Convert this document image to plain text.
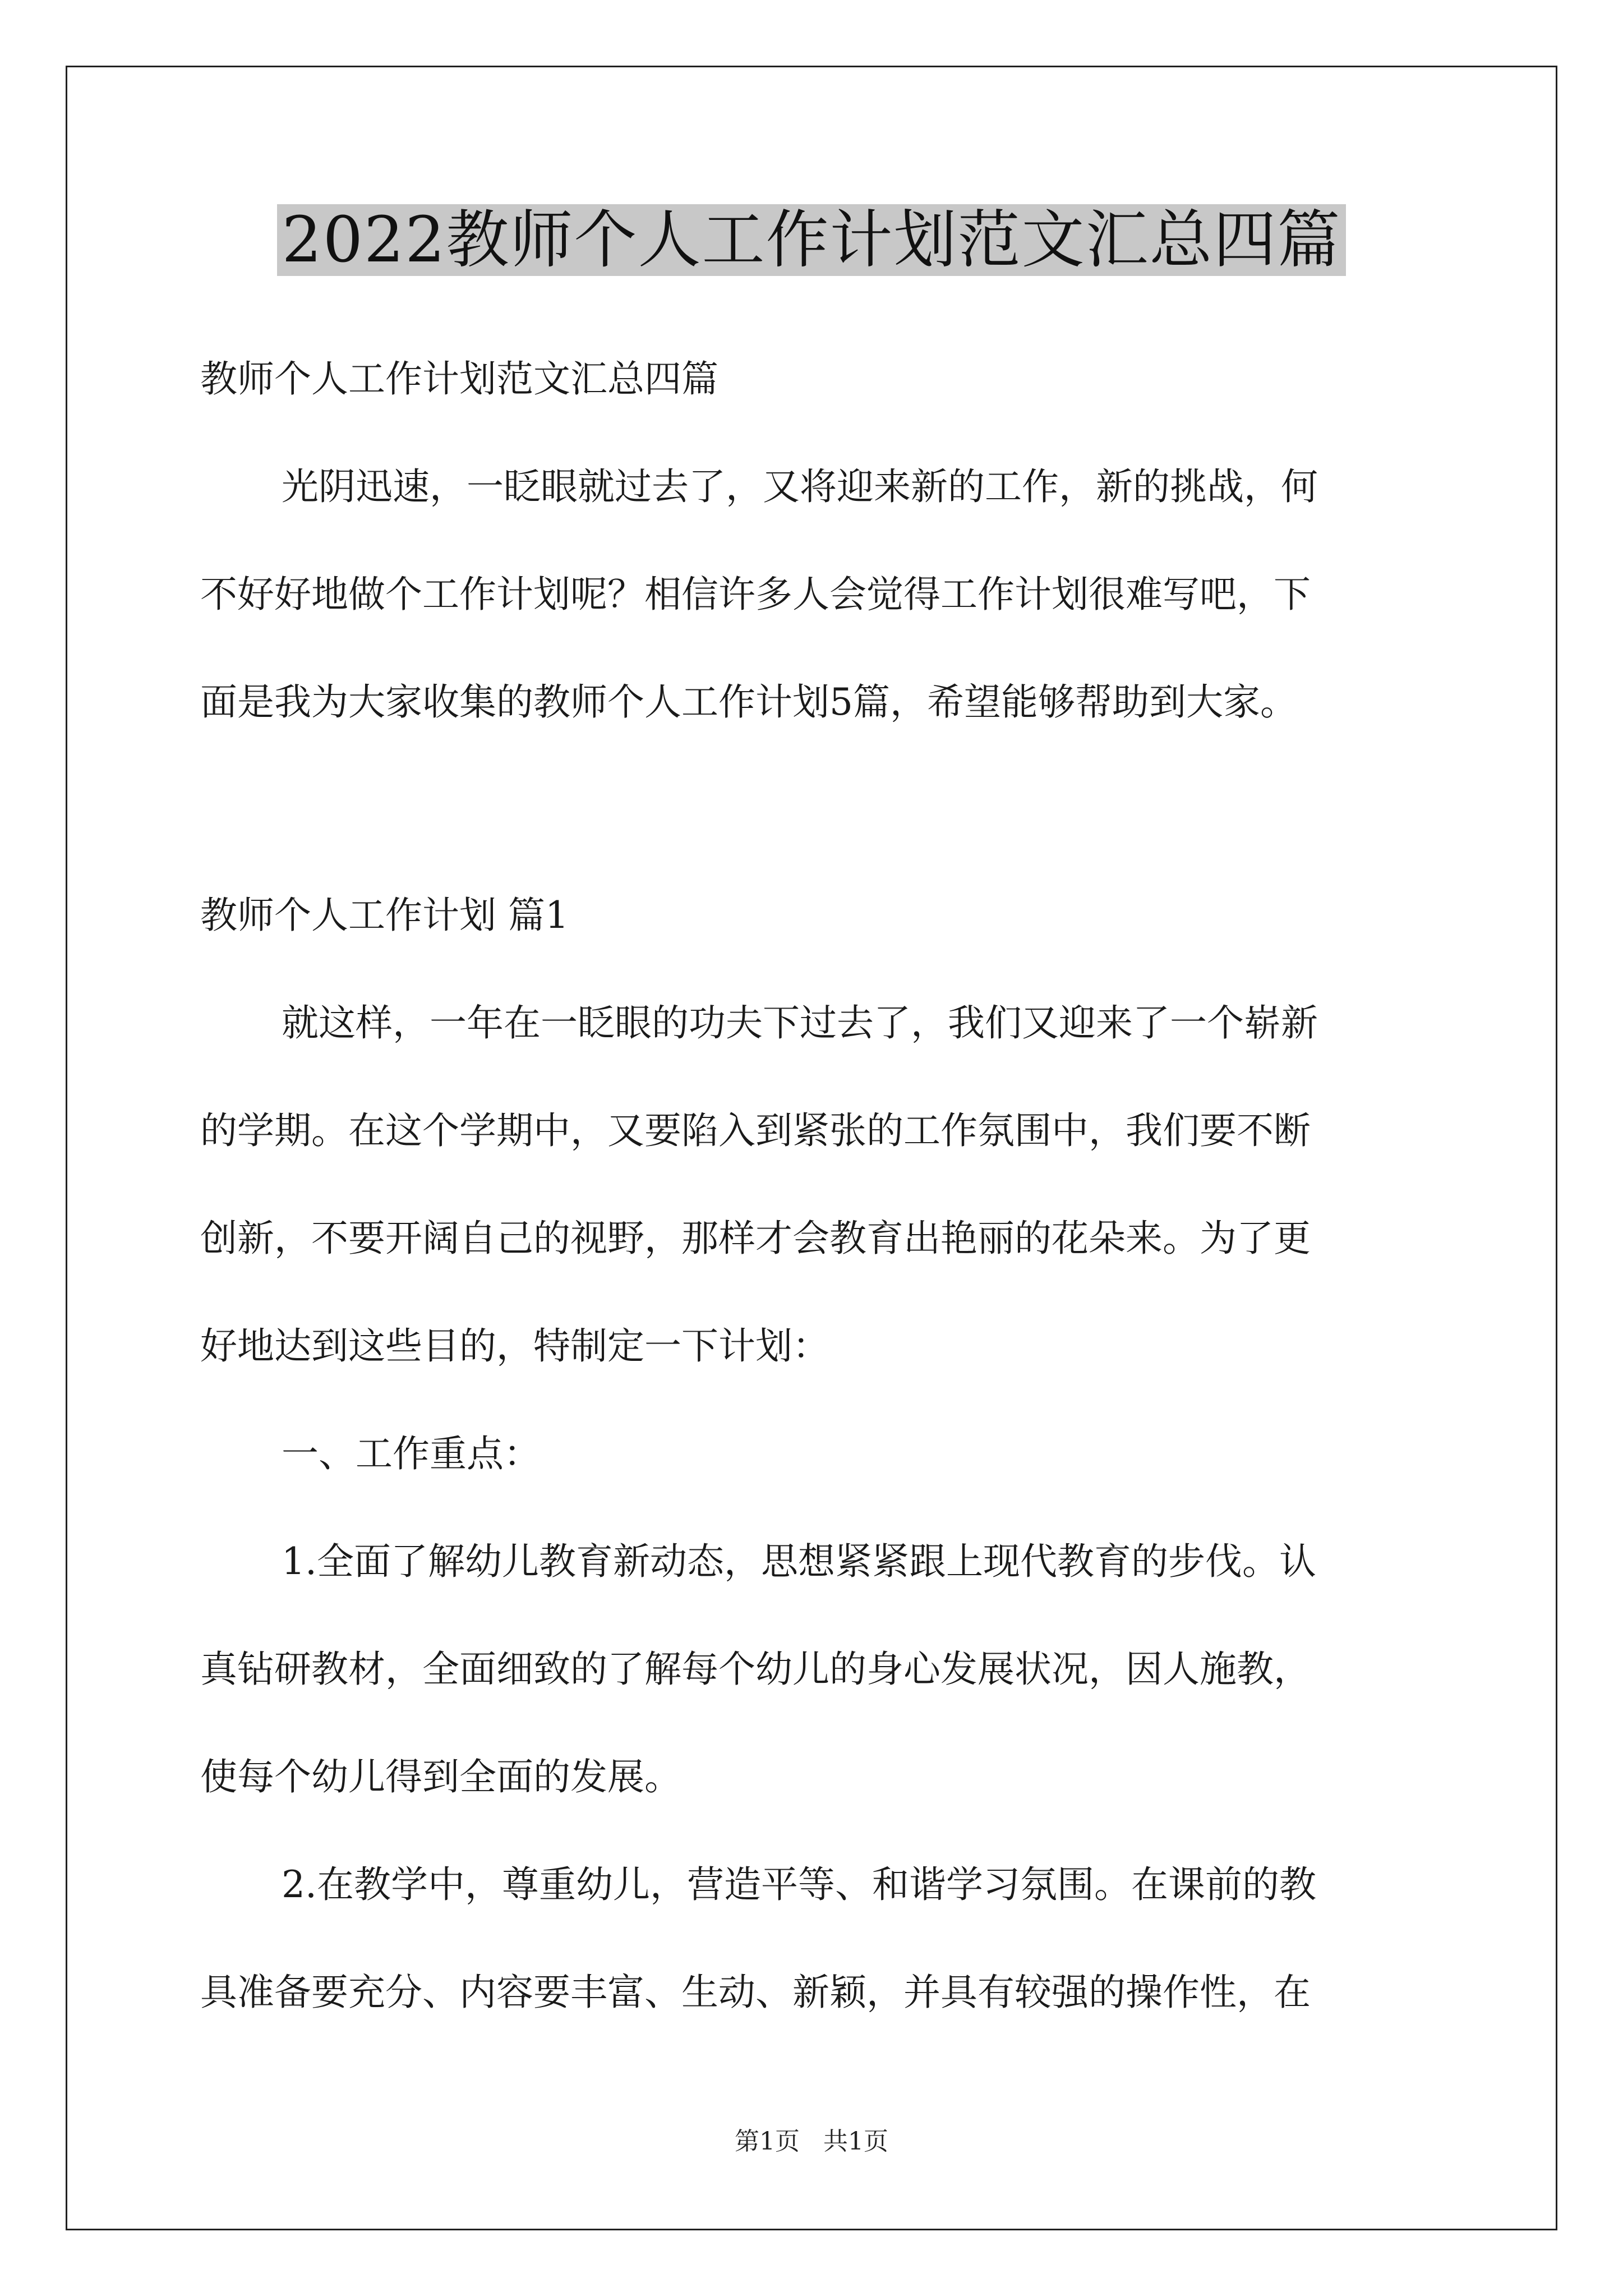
2022教师个人工作计划范文汇总四篇
教师个人工作计划范文汇总四篇
光阴迅速，一眨眼就过去了，又将迎来新的工作，新的挑战，何
不好好地做个工作计划呢？相信许多人会觉得工作计划很难写吧，下
面是我为大家收集的教师个人工作计划5篇，希望能够帮助到大家。
教师个人工作计划 篇1
就这样，一年在一眨眼的功夫下过去了，我们又迎来了一个崭新
的学期。在这个学期中，又要陷入到紧张的工作氛围中，我们要不断
创新，不要开阔自己的视野，那样才会教育出艳丽的花朵来。为了更
好地达到这些目的，特制定一下计划：
一、工作重点：
1.全面了解幼儿教育新动态，思想紧紧跟上现代教育的步伐。认
真钻研教材，全面细致的了解每个幼儿的身心发展状况，因人施教，
使每个幼儿得到全面的发展。
2.在教学中，尊重幼儿，营造平等、和谐学习氛围。在课前的教
具准备要充分、内容要丰富、生动、新颖，并具有较强的操作性，在
第1页 共1页
